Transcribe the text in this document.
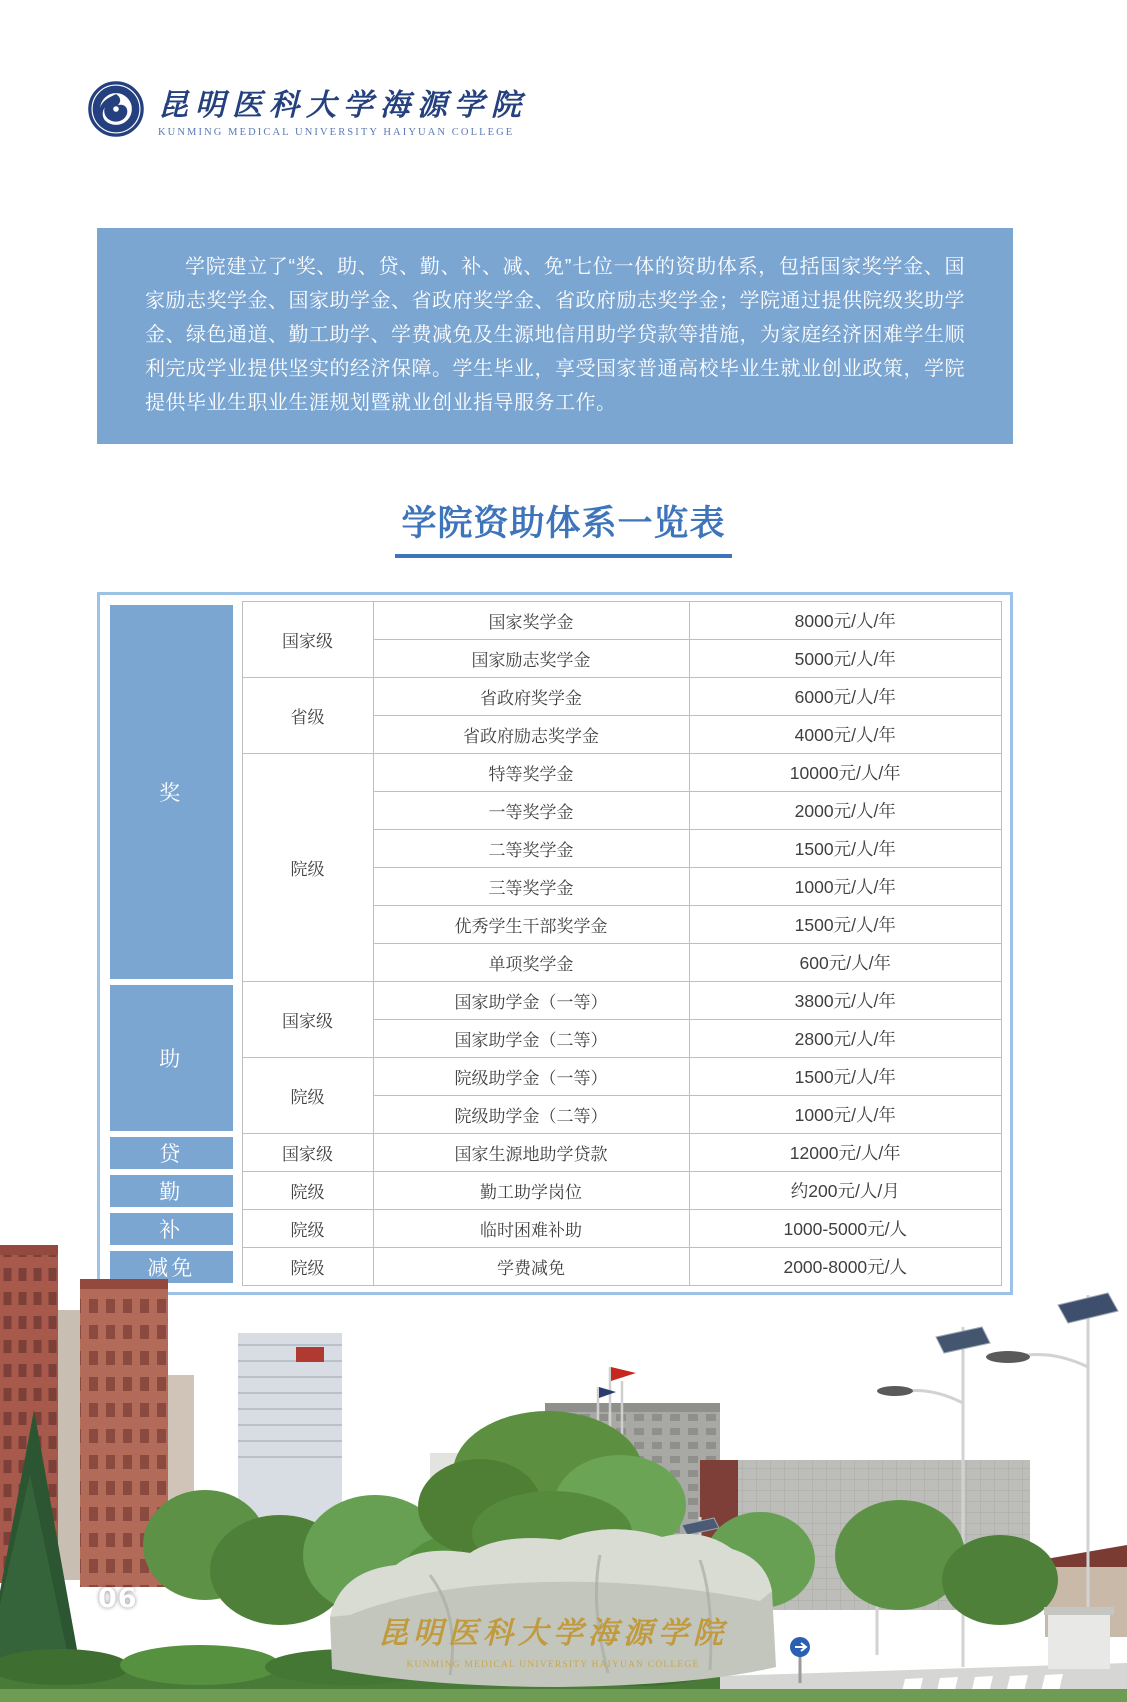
昆明医科大学海源学院
KUNMING MEDICAL UNIVERSITY HAIYUAN COLLEGE

学院建立了“奖、助、贷、勤、补、减、免”七位一体的资助体系，包括国家奖学金、国家励志奖学金、国家助学金、省政府奖学金、省政府励志奖学金；学院通过提供院级奖助学金、绿色通道、勤工助学、学费减免及生源地信用助学贷款等措施，为家庭经济困难学生顺利完成学业提供坚实的经济保障。学生毕业，享受国家普通高校毕业生就业创业政策，学院提供毕业生职业生涯规划暨就业创业指导服务工作。

学院资助体系一览表
奖	国家级	国家奖学金	8000元/人/年
		国家励志奖学金	5000元/人/年
	省级	省政府奖学金	6000元/人/年
		省政府励志奖学金	4000元/人/年
	院级	特等奖学金	10000元/人/年
		一等奖学金	2000元/人/年
		二等奖学金	1500元/人/年
		三等奖学金	1000元/人/年
		优秀学生干部奖学金	1500元/人/年
		单项奖学金	600元/人/年

助	国家级	国家助学金（一等）	3800元/人/年
		国家助学金（二等）	2800元/人/年
	院级	院级助学金（一等）	1500元/人/年
		院级助学金（二等）	1000元/人/年

贷	国家级	国家生源地助学贷款	12000元/人/年

勤	院级	勤工助学岗位	约200元/人/月

补	院级	临时困难补助	1000-5000元/人

减免	院级	学费减免	2000-8000元/人
昆明医科大学海源学院
KUNMING MEDICAL UNIVERSITY HAIYUAN COLLEGE
06
